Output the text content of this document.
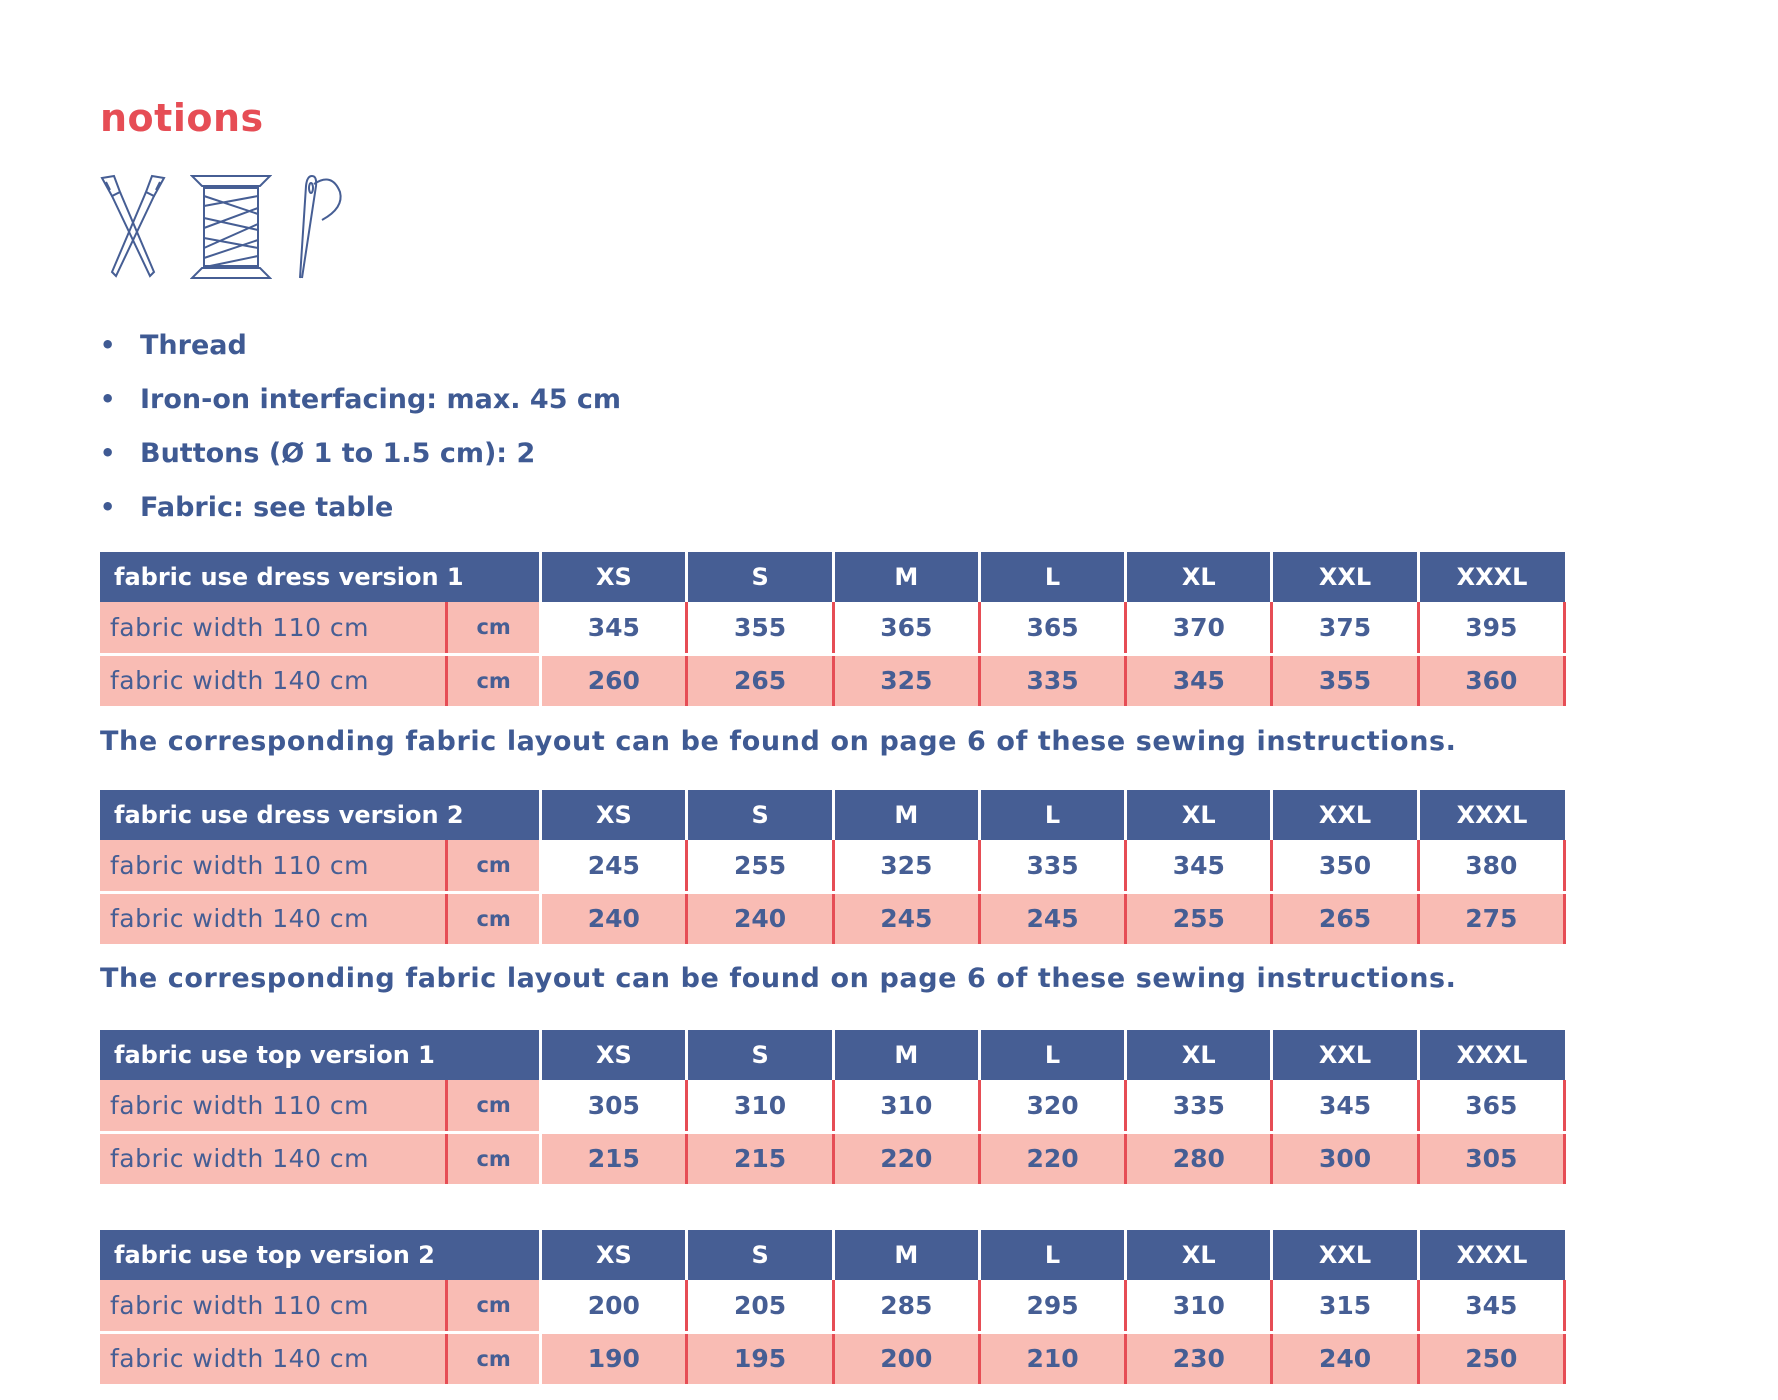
notions
• Thread
• Iron-on interfacing: max. 45 cm
• Buttons (Ø 1 to 1.5 cm): 2
• Fabric: see table
fabric use dress version 1		XS	S	M	L	XL	XXL	XXXL
fabric width 110 cm	cm	345	355	365	365	370	375	395
fabric width 140 cm	cm	260	265	325	335	345	355	360
The corresponding fabric layout can be found on page 6 of these sewing instructions.
fabric use dress version 2		XS	S	M	L	XL	XXL	XXXL
fabric width 110 cm	cm	245	255	325	335	345	350	380
fabric width 140 cm	cm	240	240	245	245	255	265	275
The corresponding fabric layout can be found on page 6 of these sewing instructions.
fabric use top version 1		XS	S	M	L	XL	XXL	XXXL
fabric width 110 cm	cm	305	310	310	320	335	345	365
fabric width 140 cm	cm	215	215	220	220	280	300	305
fabric use top version 2		XS	S	M	L	XL	XXL	XXXL
fabric width 110 cm	cm	200	205	285	295	310	315	345
fabric width 140 cm	cm	190	195	200	210	230	240	250
